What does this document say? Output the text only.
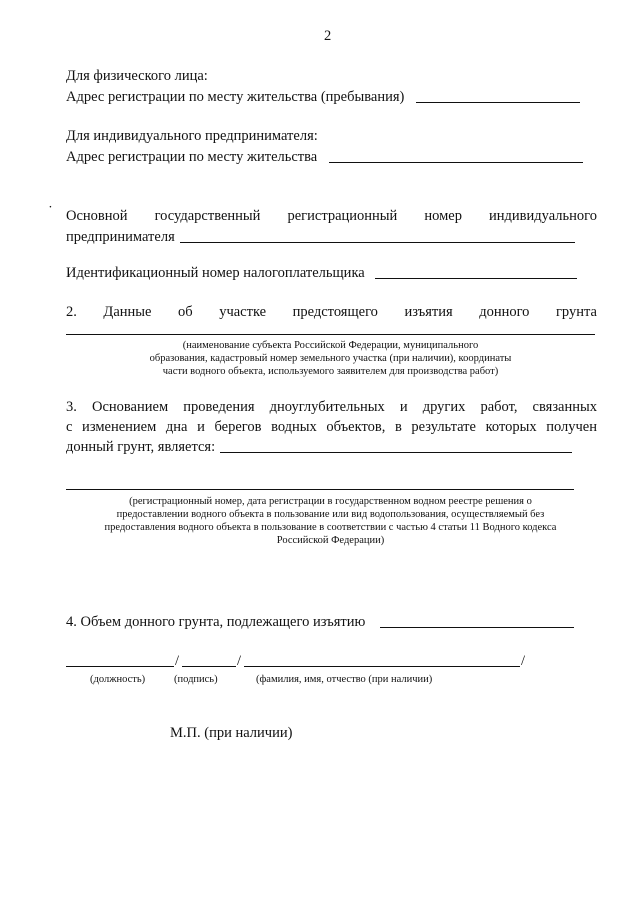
2
Для физического лица:
Адрес регистрации по месту жительства (пребывания)
Для индивидуального предпринимателя:
Адрес регистрации по месту жительства
˙ Основной государственный регистрационный номер индивидуального
предпринимателя
Идентификационный номер налогоплательщика
2. Данные об участке предстоящего изъятия донного грунта
(наименование субъекта Российской Федерации, муниципального
образования, кадастровый номер земельного участка (при наличии), координаты
части водного объекта, используемого заявителем для производства работ)
3. Основанием проведения дноуглубительных и других работ, связанных
с изменением дна и берегов водных объектов, в результате которых получен
донный грунт, является:
(регистрационный номер, дата регистрации в государственном водном реестре решения о
предоставлении водного объекта в пользование или вид водопользования, осуществляемый без
предоставления водного объекта в пользование в соответствии с частью 4 статьи 11 Водного кодекса
Российской Федерации)
4. Объем донного грунта, подлежащего изъятию
/	/	/
(должность)	(подпись)	(фамилия, имя, отчество (при наличии)
М.П. (при наличии)
